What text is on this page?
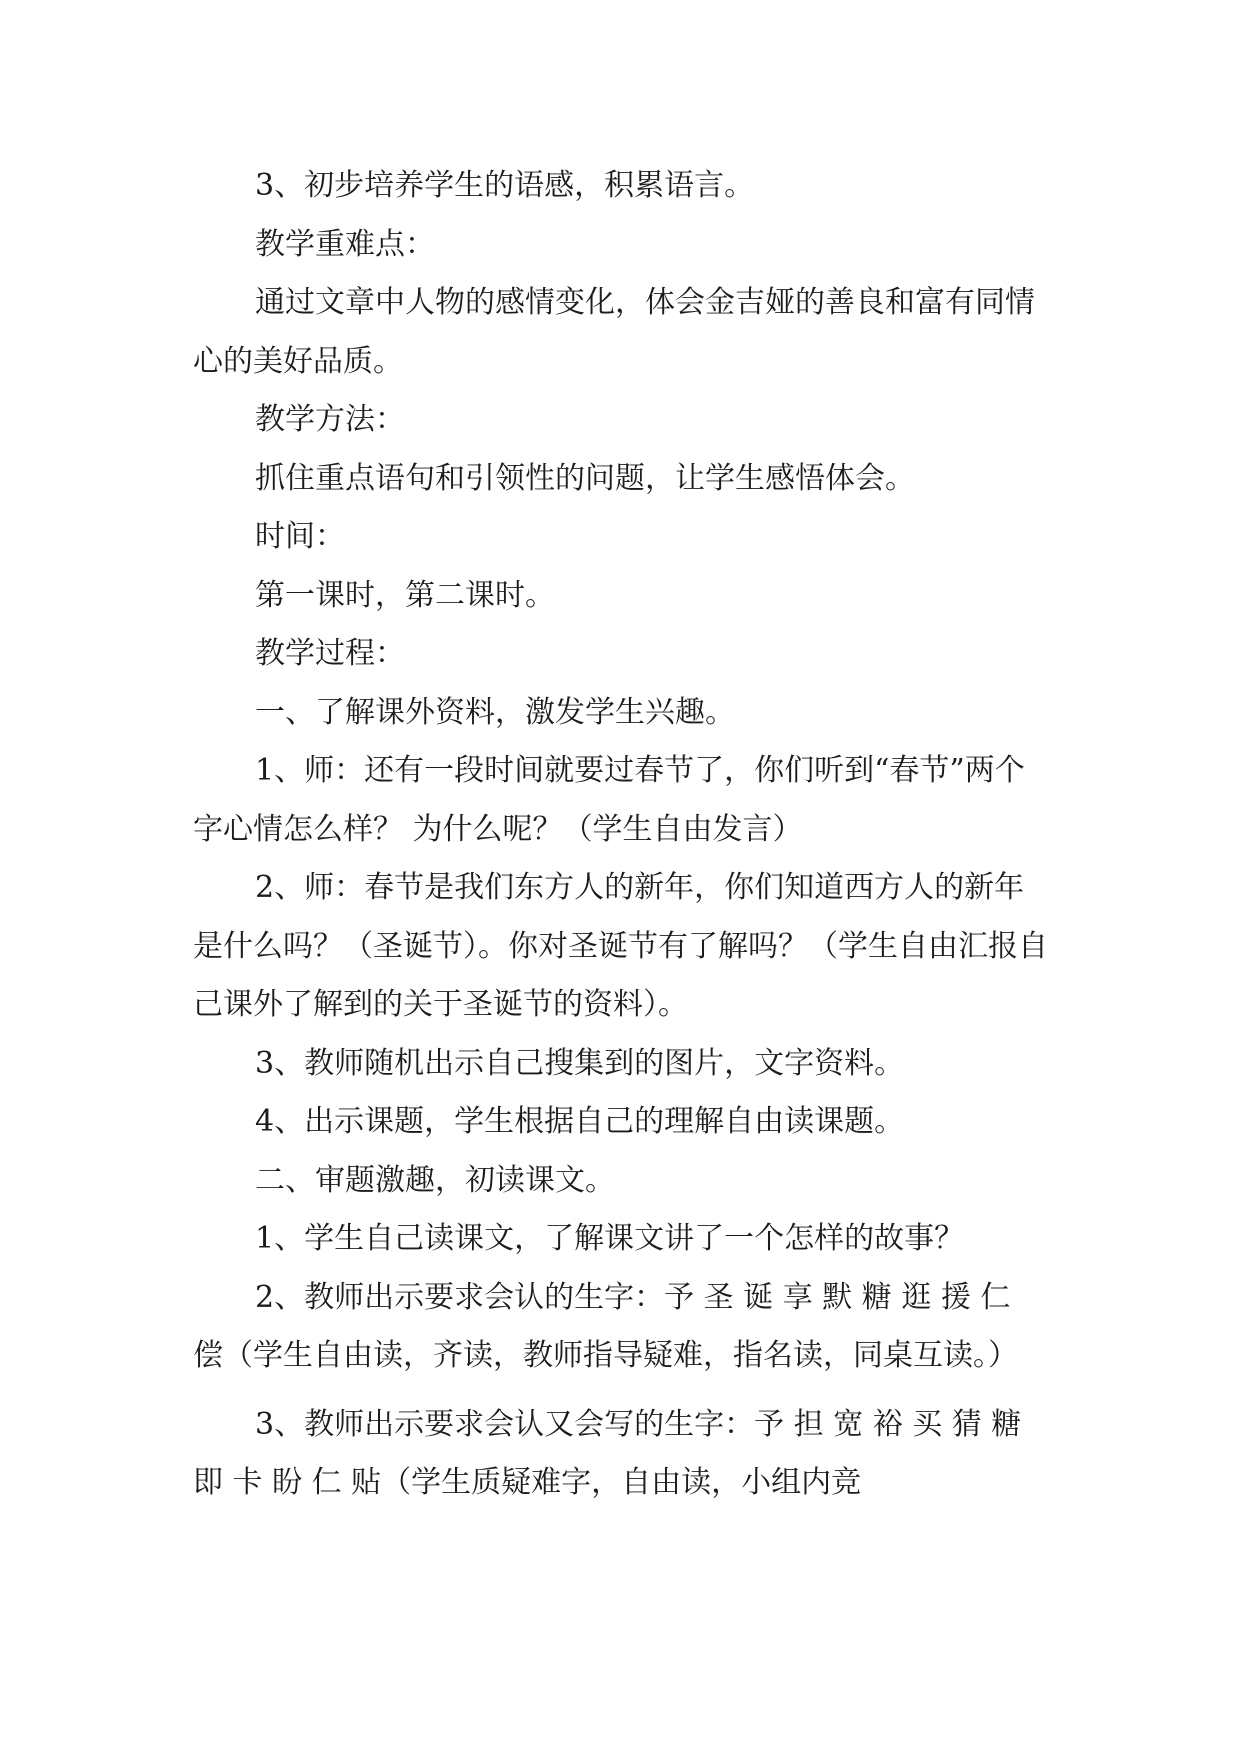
3、初步培养学生的语感，积累语言。

教学重难点：

通过文章中人物的感情变化，体会金吉娅的善良和富有同情心的美好品质。

教学方法：

抓住重点语句和引领性的问题，让学生感悟体会。

时间：

第一课时，第二课时。

教学过程：

一、了解课外资料，激发学生兴趣。

1、师：还有一段时间就要过春节了，你们听到“春节”两个字心情怎么样？ 为什么呢？（学生自由发言）

2、师：春节是我们东方人的新年，你们知道西方人的新年是什么吗？（圣诞节）。你对圣诞节有了解吗？（学生自由汇报自己课外了解到的关于圣诞节的资料）。

3、教师随机出示自己搜集到的图片，文字资料。

4、出示课题，学生根据自己的理解自由读课题。

二、审题激趣，初读课文。

1、学生自己读课文，了解课文讲了一个怎样的故事？

2、教师出示要求会认的生字：予 圣 诞 享 默 糖 逛 援 仁 偿（学生自由读，齐读，教师指导疑难，指名读，同桌互读。）

3、教师出示要求会认又会写的生字：予 担 宽 裕 买 猜 糖 即 卡 盼 仁 贴（学生质疑难字，自由读，小组内竞
